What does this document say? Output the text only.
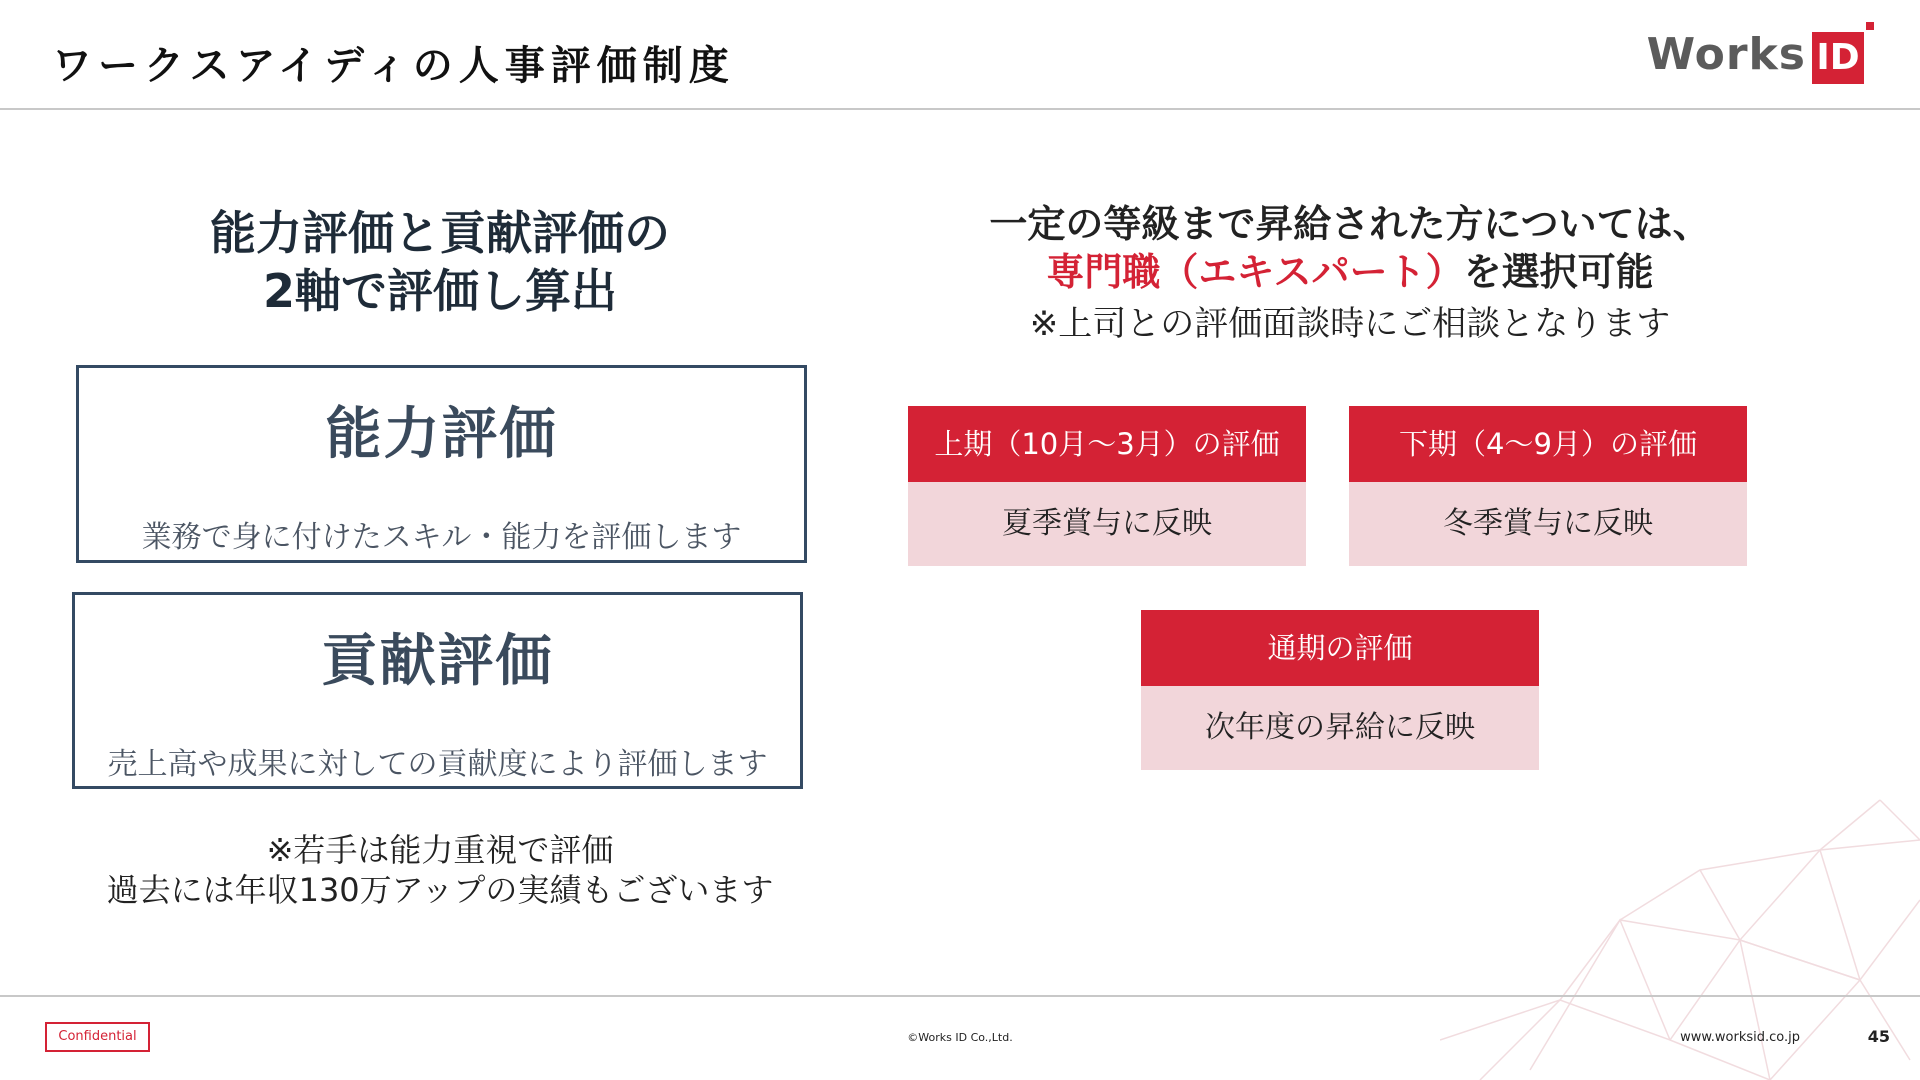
ワークスアイディの人事評価制度	Works ID
能力評価と貢献評価の
2軸で評価し算出
能力評価
業務で身に付けたスキル・能力を評価します
貢献評価
売上高や成果に対しての貢献度により評価します
※若手は能力重視で評価
過去には年収130万アップの実績もございます
一定の等級まで昇給された方については、
専門職（エキスパート）を選択可能
※上司との評価面談時にご相談となります
上期（10月～3月）の評価
夏季賞与に反映
下期（4～9月）の評価
冬季賞与に反映
通期の評価
次年度の昇給に反映
Confidential	©Works ID Co.,Ltd.	www.worksid.co.jp	45
